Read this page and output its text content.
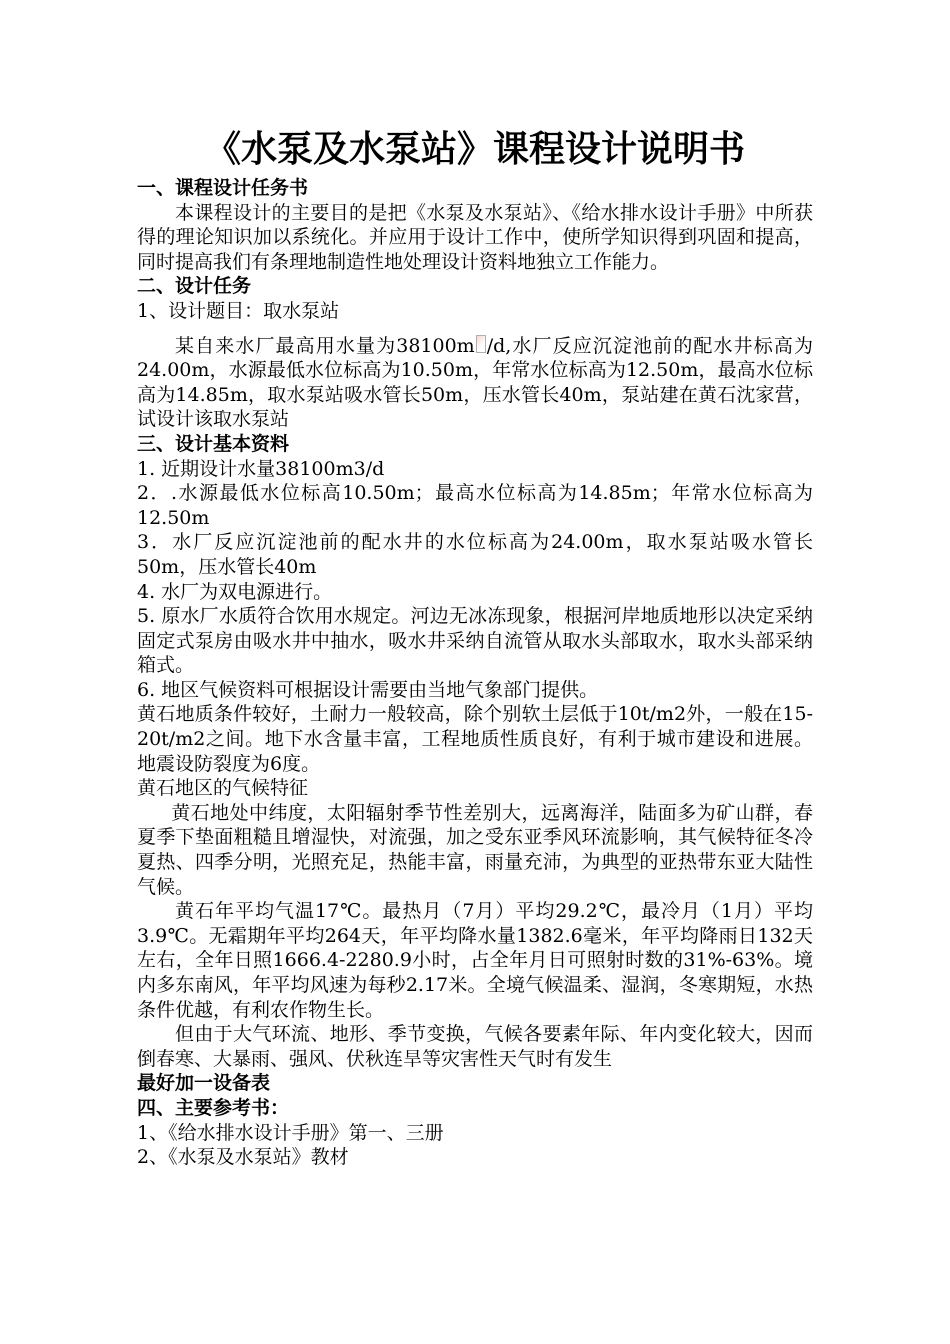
《水泵及水泵站》课程设计说明书

一、课程设计任务书

本课程设计的主要目的是把《水泵及水泵站》、《给水排水设计手册》中所获得的理论知识加以系统化。并应用于设计工作中，使所学知识得到巩固和提高，同时提高我们有条理地制造性地处理设计资料地独立工作能力。

二、设计任务

1、设计题目：取水泵站

某自来水厂最高用水量为38100m /d,水厂反应沉淀池前的配水井标高为24.00m，水源最低水位标高为10.50m，年常水位标高为12.50m，最高水位标高为14.85m，取水泵站吸水管长50m，压水管长40m，泵站建在黄石沈家营，试设计该取水泵站

三、设计基本资料

1. 近期设计水量38100m3/d

2．.水源最低水位标高10.50m；最高水位标高为14.85m；年常水位标高为12.50m

3．水厂反应沉淀池前的配水井的水位标高为24.00m，取水泵站吸水管长50m，压水管长40m

4. 水厂为双电源进行。

5. 原水厂水质符合饮用水规定。河边无冰冻现象，根据河岸地质地形以决定采纳固定式泵房由吸水井中抽水，吸水井采纳自流管从取水头部取水，取水头部采纳箱式。

6. 地区气候资料可根据设计需要由当地气象部门提供。

黄石地质条件较好，土耐力一般较高，除个别软土层低于10t/m2外，一般在15-20t/m2之间。地下水含量丰富，工程地质性质良好，有利于城市建设和进展。地震设防裂度为6度。

黄石地区的气候特征

黄石地处中纬度，太阳辐射季节性差别大，远离海洋，陆面多为矿山群，春夏季下垫面粗糙且增湿快，对流强，加之受东亚季风环流影响，其气候特征冬冷夏热、四季分明，光照充足，热能丰富，雨量充沛，为典型的亚热带东亚大陆性气候。

黄石年平均气温17℃。最热月（7月）平均29.2℃，最冷月（1月）平均3.9℃。无霜期年平均264天，年平均降水量1382.6毫米，年平均降雨日132天左右，全年日照1666.4-2280.9小时，占全年月日可照射时数的31%-63%。境内多东南风，年平均风速为每秒2.17米。全境气候温柔、湿润，冬寒期短，水热条件优越，有利农作物生长。

但由于大气环流、地形、季节变换，气候各要素年际、年内变化较大，因而倒春寒、大暴雨、强风、伏秋连旱等灾害性天气时有发生

最好加一设备表

四、主要参考书：

1、《给水排水设计手册》第一、三册

2、《水泵及水泵站》教材
